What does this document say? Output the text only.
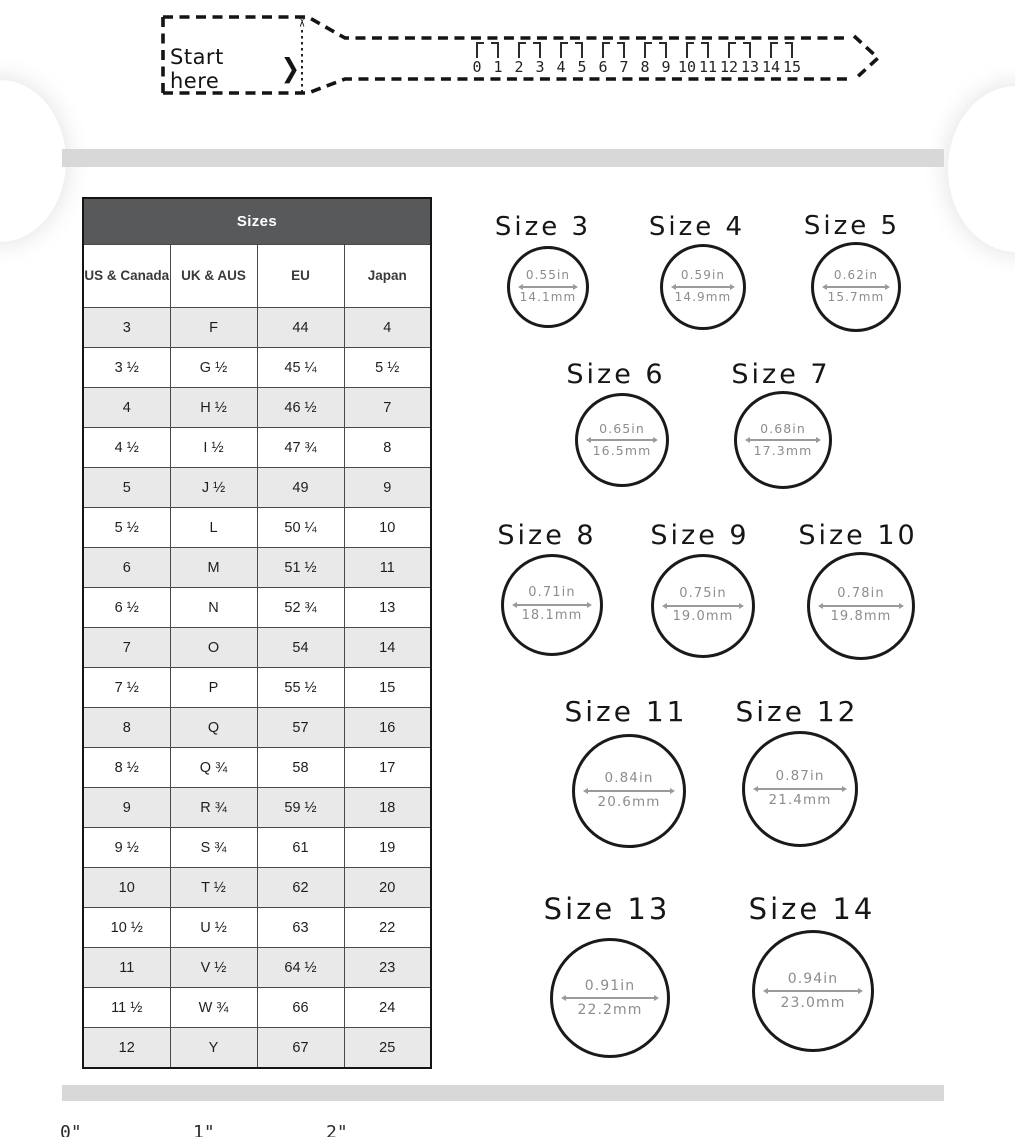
✂
Start here	❯	0 1 2 3 4 5 6 7 8 9 10 11 12 13 14 15
Sizes			
US & Canada	UK & AUS	EU	Japan
3	F	44	4
3 ½	G ½	45 ¼	5 ½
4	H ½	46 ½	7
4 ½	I ½	47 ¾	8
5	J ½	49	9
5 ½	L	50 ¼	10
6	M	51 ½	11
6 ½	N	52 ¾	13
7	O	54	14
7 ½	P	55 ½	15
8	Q	57	16
8 ½	Q ¾	58	17
9	R ¾	59 ½	18
9 ½	S ¾	61	19
10	T ½	62	20
10 ½	U ½	63	22
11	V ½	64 ½	23
11 ½	W ¾	66	24
12	Y	67	25
Size 3
0.55in
14.1mm
Size 4
0.59in
14.9mm
Size 5
0.62in
15.7mm
Size 6
0.65in
16.5mm
Size 7
0.68in
17.3mm
Size 8
0.71in
18.1mm
Size 9
0.75in
19.0mm
Size 10
0.78in
19.8mm
Size 11
0.84in
20.6mm
Size 12
0.87in
21.4mm
Size 13
0.91in
22.2mm
Size 14
0.94in
23.0mm
0"	1"	2"
